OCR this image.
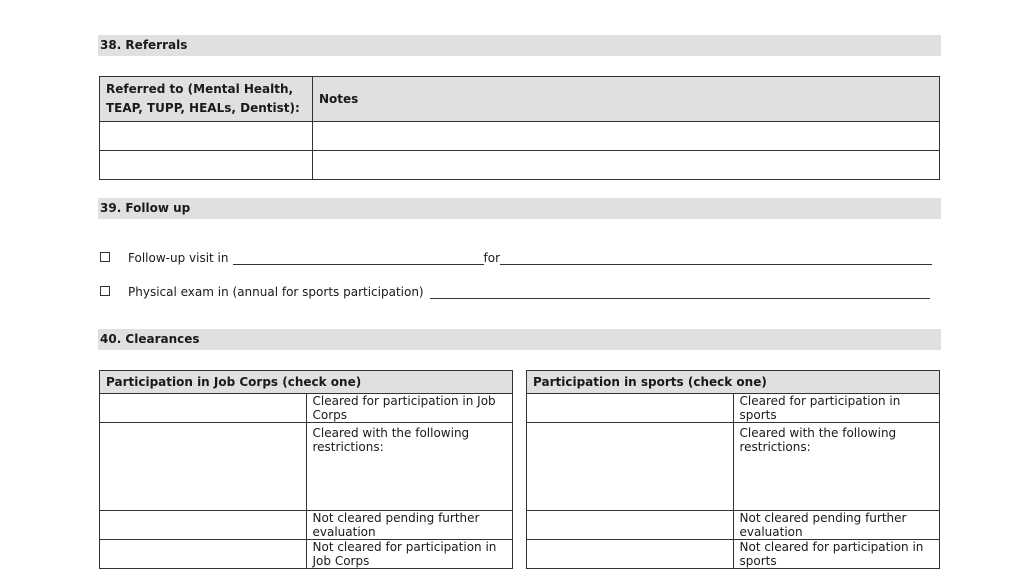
38. Referrals
Referred to (Mental Health, TEAP, TUPP, HEALs, Dentist):	Notes

39. Follow up
Follow-up visit in	for
Physical exam in (annual for sports participation)
40. Clearances
Participation in Job Corps (check one)	
	Cleared for participation in Job Corps
	Cleared with the following restrictions:
	Not cleared pending further evaluation
	Not cleared for participation in Job Corps
Participation in sports (check one)	
	Cleared for participation in sports
	Cleared with the following restrictions:
	Not cleared pending further evaluation
	Not cleared for participation in sports
